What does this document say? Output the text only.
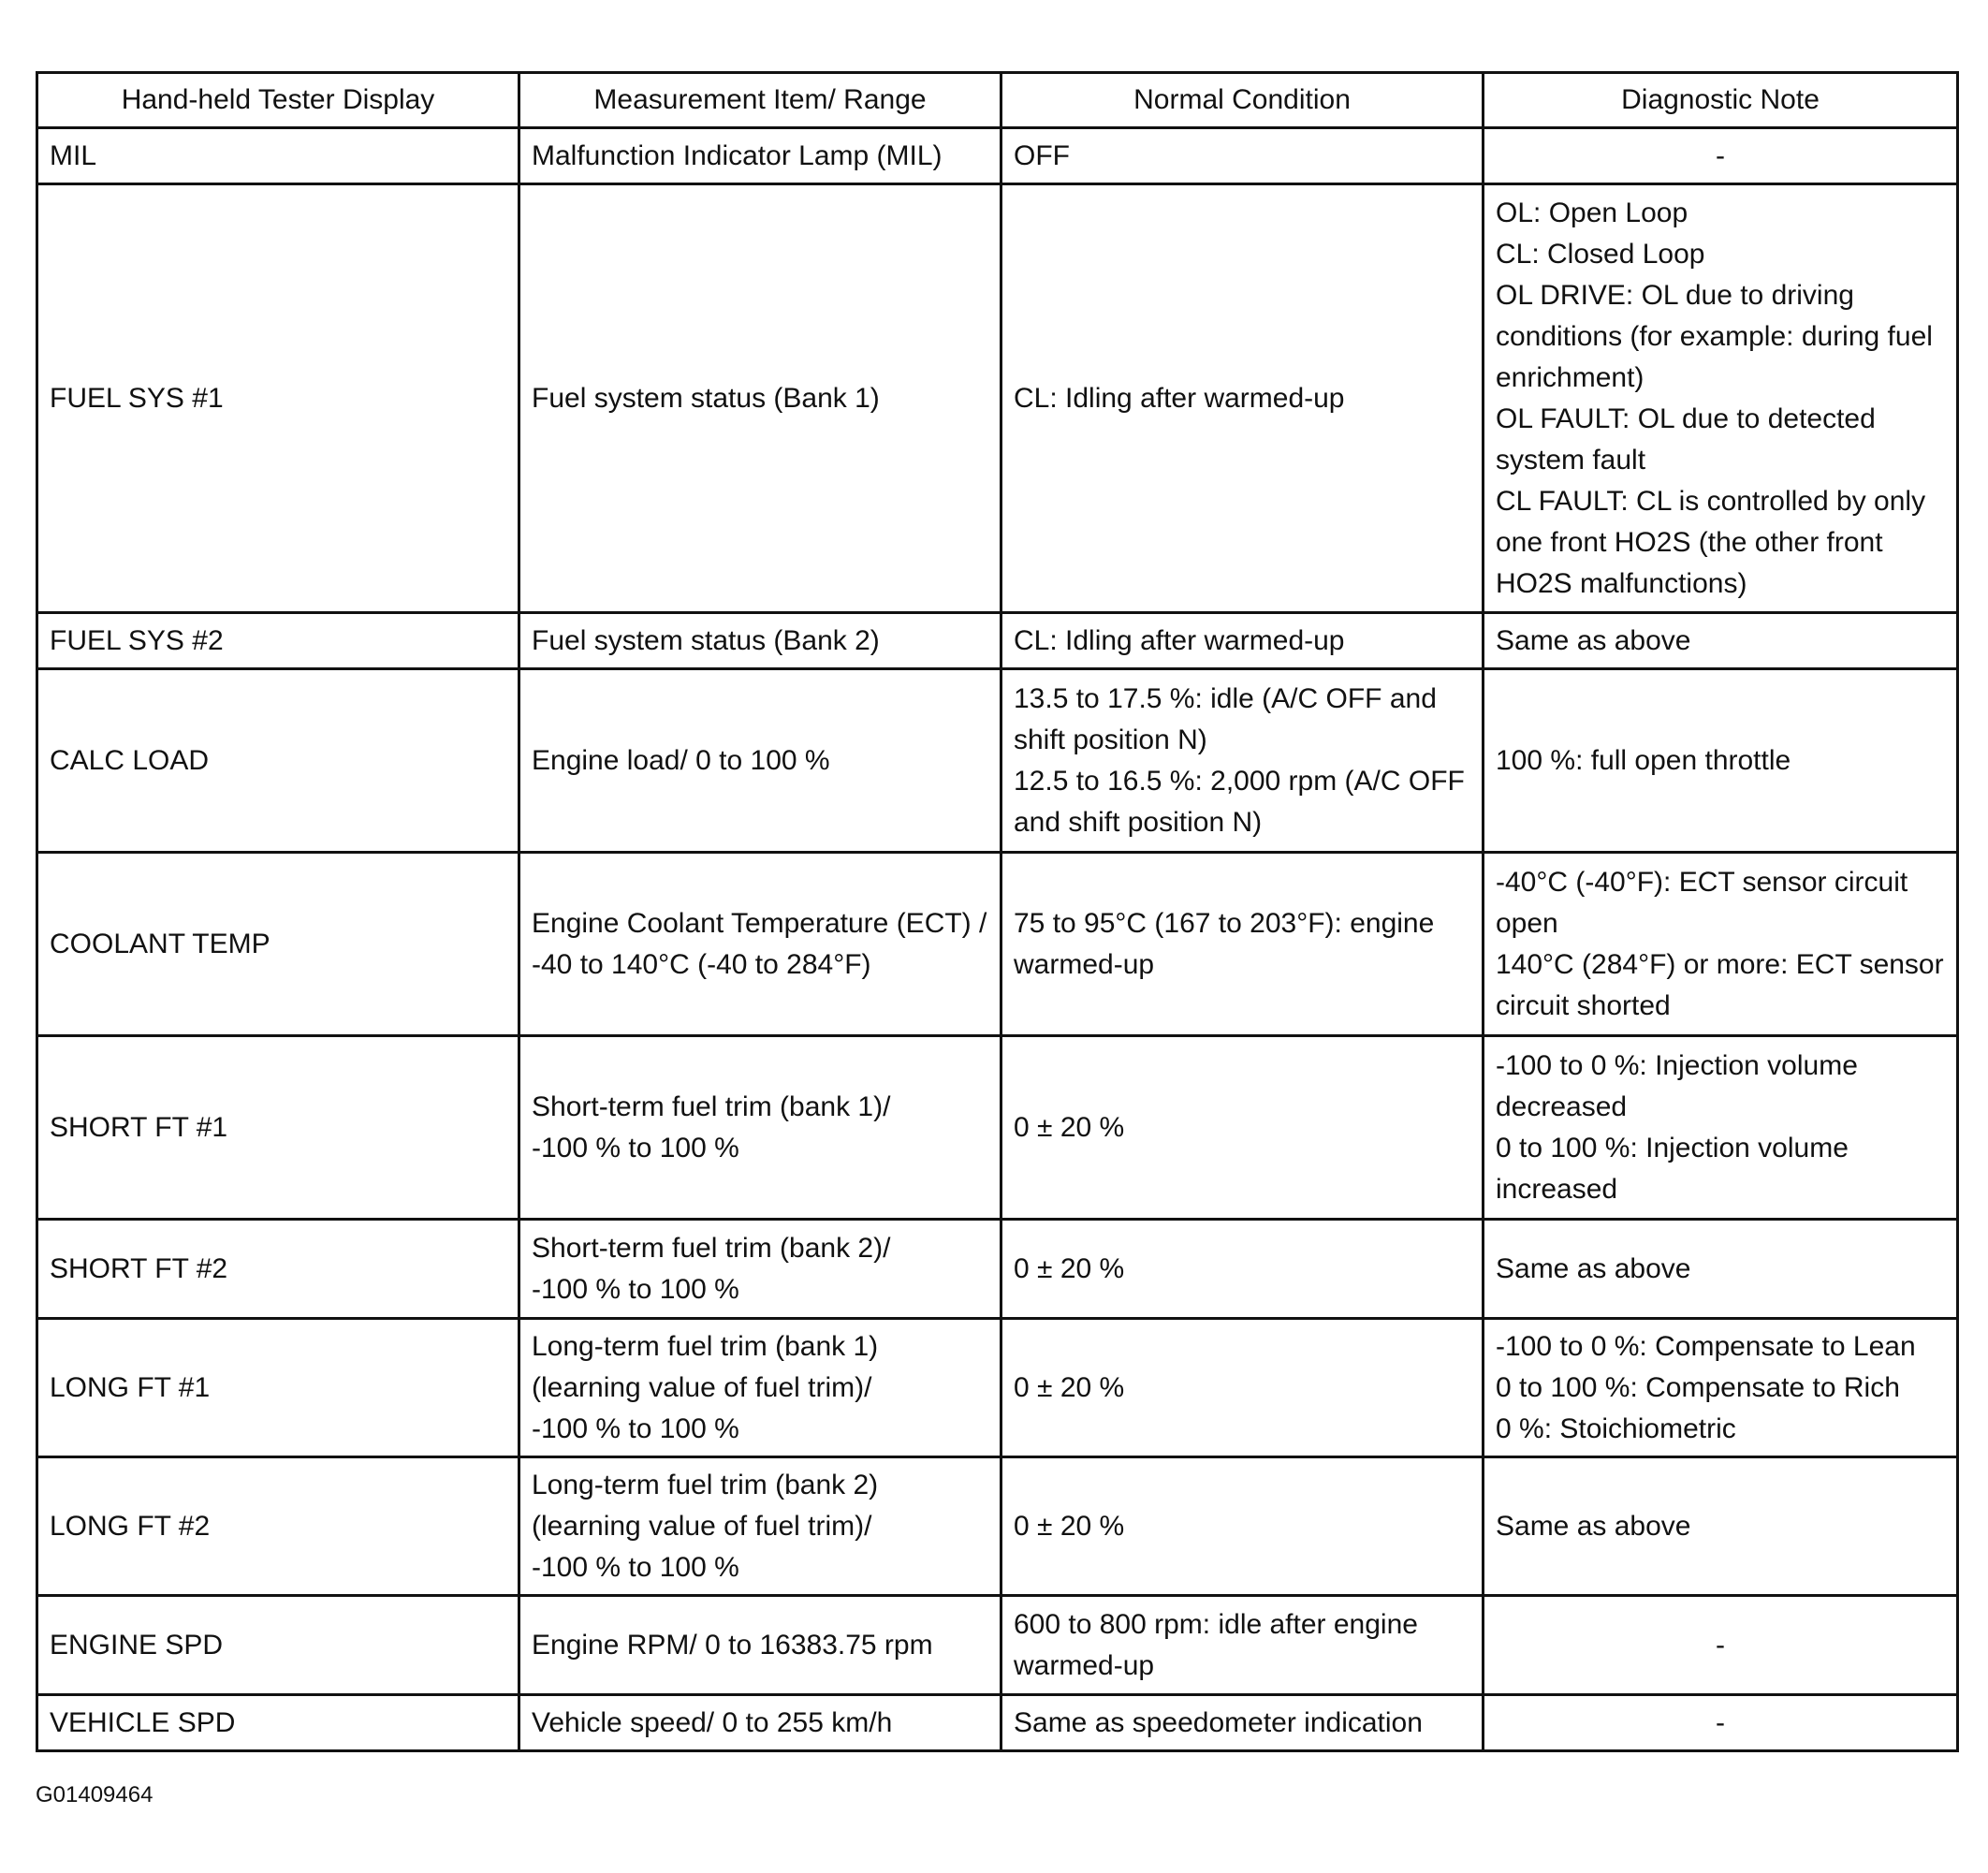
Hand-held Tester Display	Measurement Item/ Range	Normal Condition	Diagnostic Note
MIL	Malfunction Indicator Lamp (MIL)	OFF	-

FUEL SYS #1	Fuel system status (Bank 1)	CL: Idling after warmed-up	OL: Open Loop
CL: Closed Loop
OL DRIVE: OL due to driving conditions (for example: during fuel enrichment)
OL FAULT: OL due to detected system fault
CL FAULT: CL is controlled by only one front HO2S (the other front HO2S malfunctions)

FUEL SYS #2	Fuel system status (Bank 2)	CL: Idling after warmed-up	Same as above

CALC LOAD	Engine load/ 0 to 100 %	13.5 to 17.5 %: idle (A/C OFF and shift position N)
12.5 to 16.5 %: 2,000 rpm (A/C OFF and shift position N)	100 %: full open throttle

COOLANT TEMP	Engine Coolant Temperature (ECT) /
-40 to 140°C (-40 to 284°F)	75 to 95°C (167 to 203°F): engine warmed-up	-40°C (-40°F): ECT sensor circuit open
140°C (284°F) or more: ECT sensor circuit shorted

SHORT FT #1	Short-term fuel trim (bank 1)/
-100 % to 100 %	0 ± 20 %	-100 to 0 %: Injection volume decreased
0 to 100 %: Injection volume increased

SHORT FT #2	Short-term fuel trim (bank 2)/
-100 % to 100 %	0 ± 20 %	Same as above

LONG FT #1	Long-term fuel trim (bank 1)
(learning value of fuel trim)/
-100 % to 100 %	0 ± 20 %	-100 to 0 %: Compensate to Lean
0 to 100 %: Compensate to Rich
0 %: Stoichiometric

LONG FT #2	Long-term fuel trim (bank 2)
(learning value of fuel trim)/
-100 % to 100 %	0 ± 20 %	Same as above

ENGINE SPD	Engine RPM/ 0 to 16383.75 rpm	600 to 800 rpm: idle after engine warmed-up	-

VEHICLE SPD	Vehicle speed/ 0 to 255 km/h	Same as speedometer indication	-
G01409464
